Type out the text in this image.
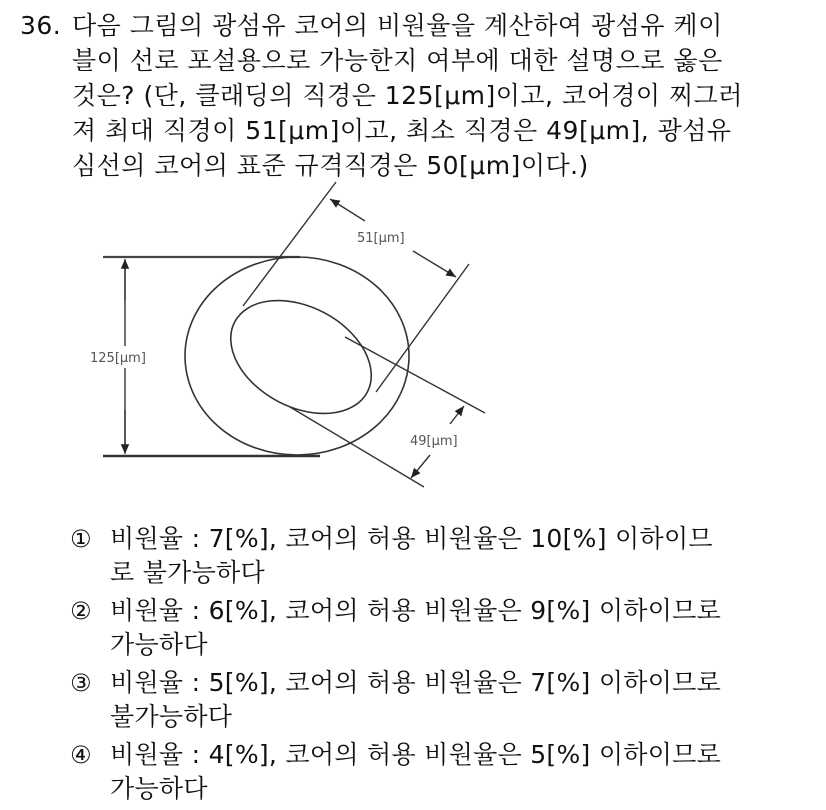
36. 다음 그림의 광섬유 코어의 비원율을 계산하여 광섬유 케이
블이 선로 포설용으로 가능한지 여부에 대한 설명으로 옳은
것은? (단, 클래딩의 직경은 125[μm]이고, 코어경이 찌그러
져 최대 직경이 51[μm]이고, 최소 직경은 49[μm], 광섬유
심선의 코어의 표준 규격직경은 50[μm]이다.)
125[μm]
51[μm]
49[μm]
① 비원율 : 7[%], 코어의 허용 비원율은 10[%] 이하이므
로 불가능하다
② 비원율 : 6[%], 코어의 허용 비원율은 9[%] 이하이므로
가능하다
③ 비원율 : 5[%], 코어의 허용 비원율은 7[%] 이하이므로
불가능하다
④ 비원율 : 4[%], 코어의 허용 비원율은 5[%] 이하이므로
가능하다
